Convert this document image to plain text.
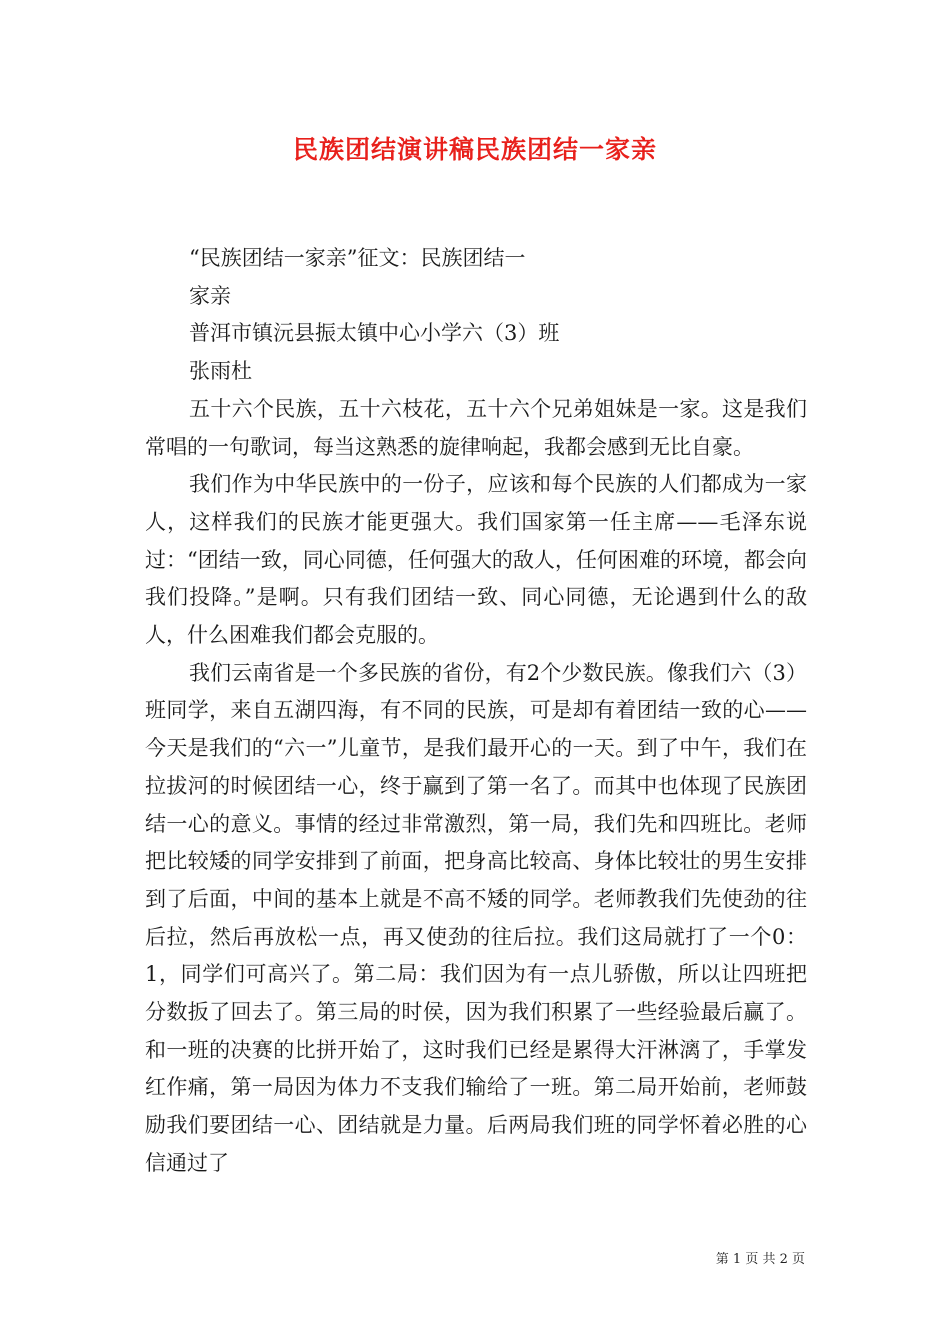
民族团结演讲稿民族团结一家亲
“民族团结一家亲”征文：民族团结一
家亲
普洱市镇沅县振太镇中心小学六（3）班
张雨杜

五十六个民族，五十六枝花，五十六个兄弟姐妹是一家。这是我们常唱的一句歌词，每当这熟悉的旋律响起，我都会感到无比自豪。

我们作为中华民族中的一份子，应该和每个民族的人们都成为一家人，这样我们的民族才能更强大。我们国家第一任主席——毛泽东说过：“团结一致，同心同德，任何强大的敌人，任何困难的环境，都会向我们投降。”是啊。只有我们团结一致、同心同德，无论遇到什么的敌人，什么困难我们都会克服的。

我们云南省是一个多民族的省份，有2个少数民族。像我们六（3）班同学，来自五湖四海，有不同的民族，可是却有着团结一致的心——今天是我们的“六一”儿童节，是我们最开心的一天。到了中午，我们在拉拔河的时候团结一心，终于赢到了第一名了。而其中也体现了民族团结一心的意义。事情的经过非常激烈，第一局，我们先和四班比。老师把比较矮的同学安排到了前面，把身高比较高、身体比较壮的男生安排到了后面，中间的基本上就是不高不矮的同学。老师教我们先使劲的往后拉，然后再放松一点，再又使劲的往后拉。我们这局就打了一个0：1，同学们可高兴了。第二局：我们因为有一点儿骄傲，所以让四班把分数扳了回去了。第三局的时侯，因为我们积累了一些经验最后赢了。和一班的决赛的比拼开始了，这时我们已经是累得大汗淋漓了，手掌发红作痛，第一局因为体力不支我们输给了一班。第二局开始前，老师鼓励我们要团结一心、团结就是力量。后两局我们班的同学怀着必胜的心信通过了

第 1 页 共 2 页
